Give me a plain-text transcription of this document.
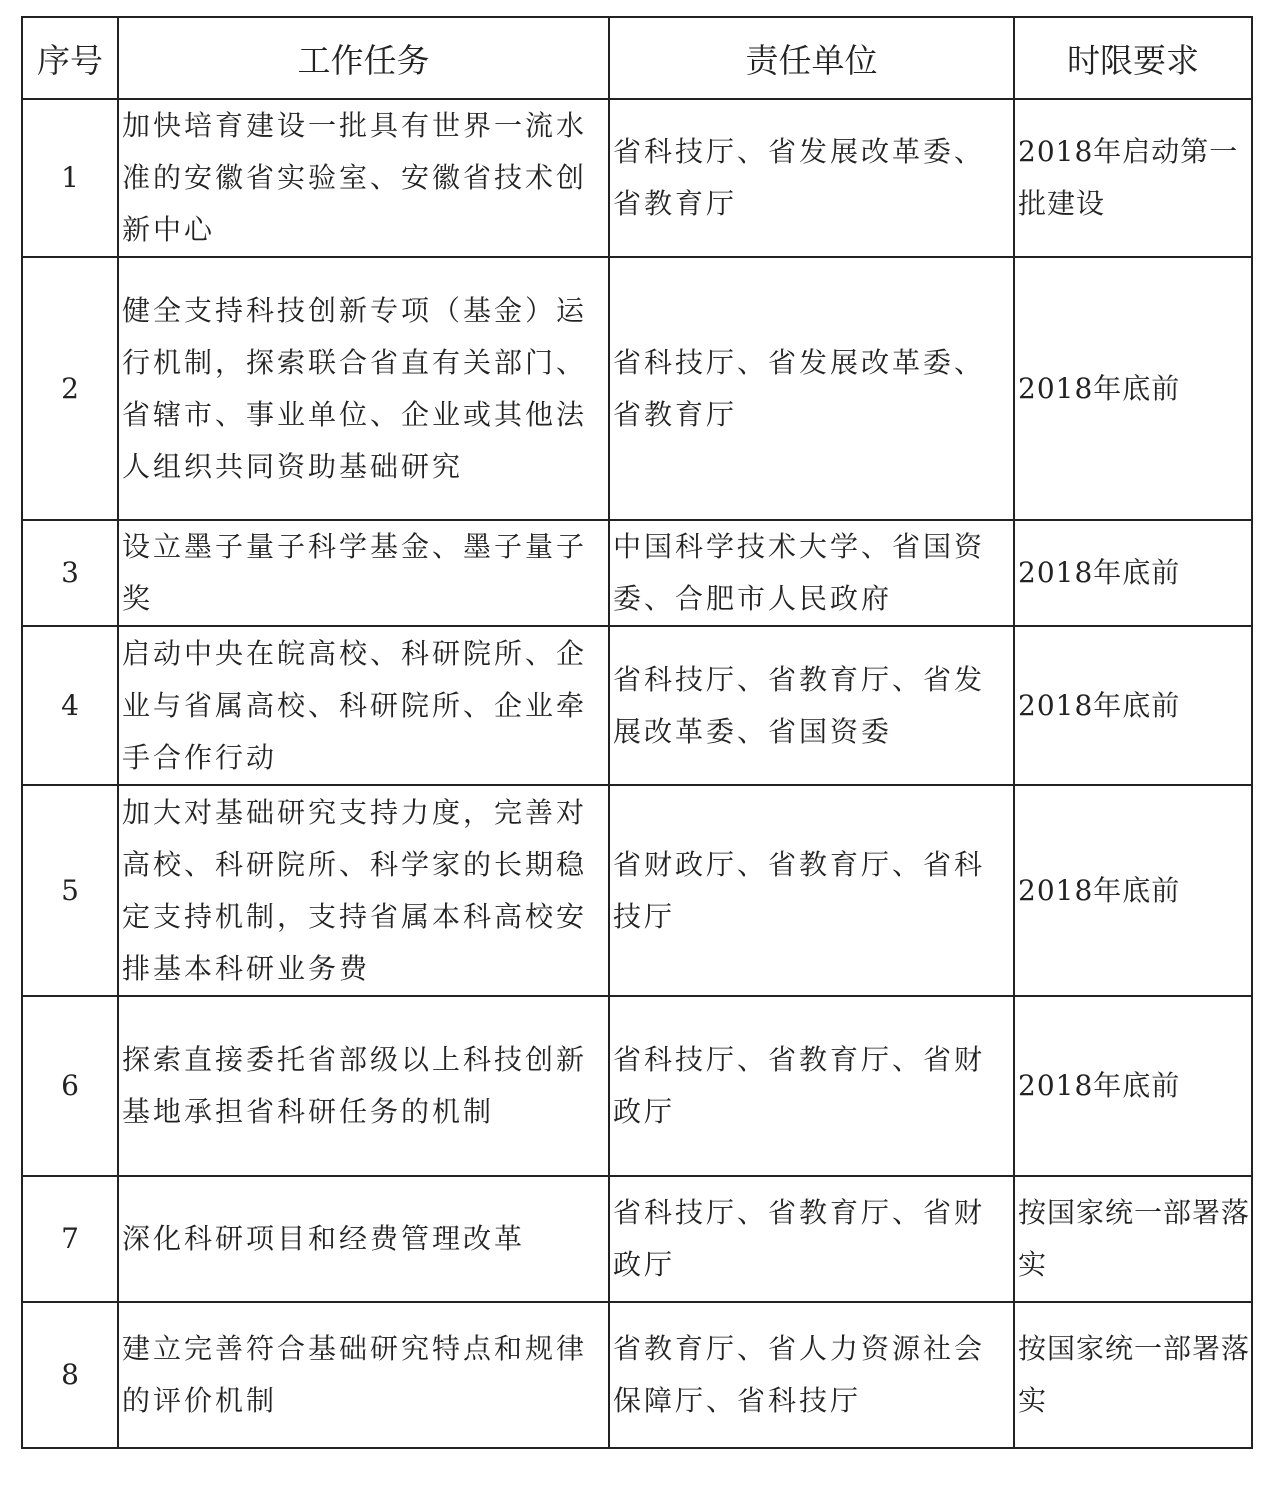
序号	工作任务	责任单位	时限要求
1	加快培育建设一批具有世界一流水准的安徽省实验室、安徽省技术创新中心	省科技厅、省发展改革委、省教育厅	2018年启动第一批建设
2	健全支持科技创新专项（基金）运行机制，探索联合省直有关部门、省辖市、事业单位、企业或其他法人组织共同资助基础研究	省科技厅、省发展改革委、省教育厅	2018年底前
3	设立墨子量子科学基金、墨子量子奖	中国科学技术大学、省国资委、合肥市人民政府	2018年底前
4	启动中央在皖高校、科研院所、企业与省属高校、科研院所、企业牵手合作行动	省科技厅、省教育厅、省发展改革委、省国资委	2018年底前
5	加大对基础研究支持力度，完善对高校、科研院所、科学家的长期稳定支持机制，支持省属本科高校安排基本科研业务费	省财政厅、省教育厅、省科技厅	2018年底前
6	探索直接委托省部级以上科技创新基地承担省科研任务的机制	省科技厅、省教育厅、省财政厅	2018年底前
7	深化科研项目和经费管理改革	省科技厅、省教育厅、省财政厅	按国家统一部署落实
8	建立完善符合基础研究特点和规律的评价机制	省教育厅、省人力资源社会保障厅、省科技厅	按国家统一部署落实
